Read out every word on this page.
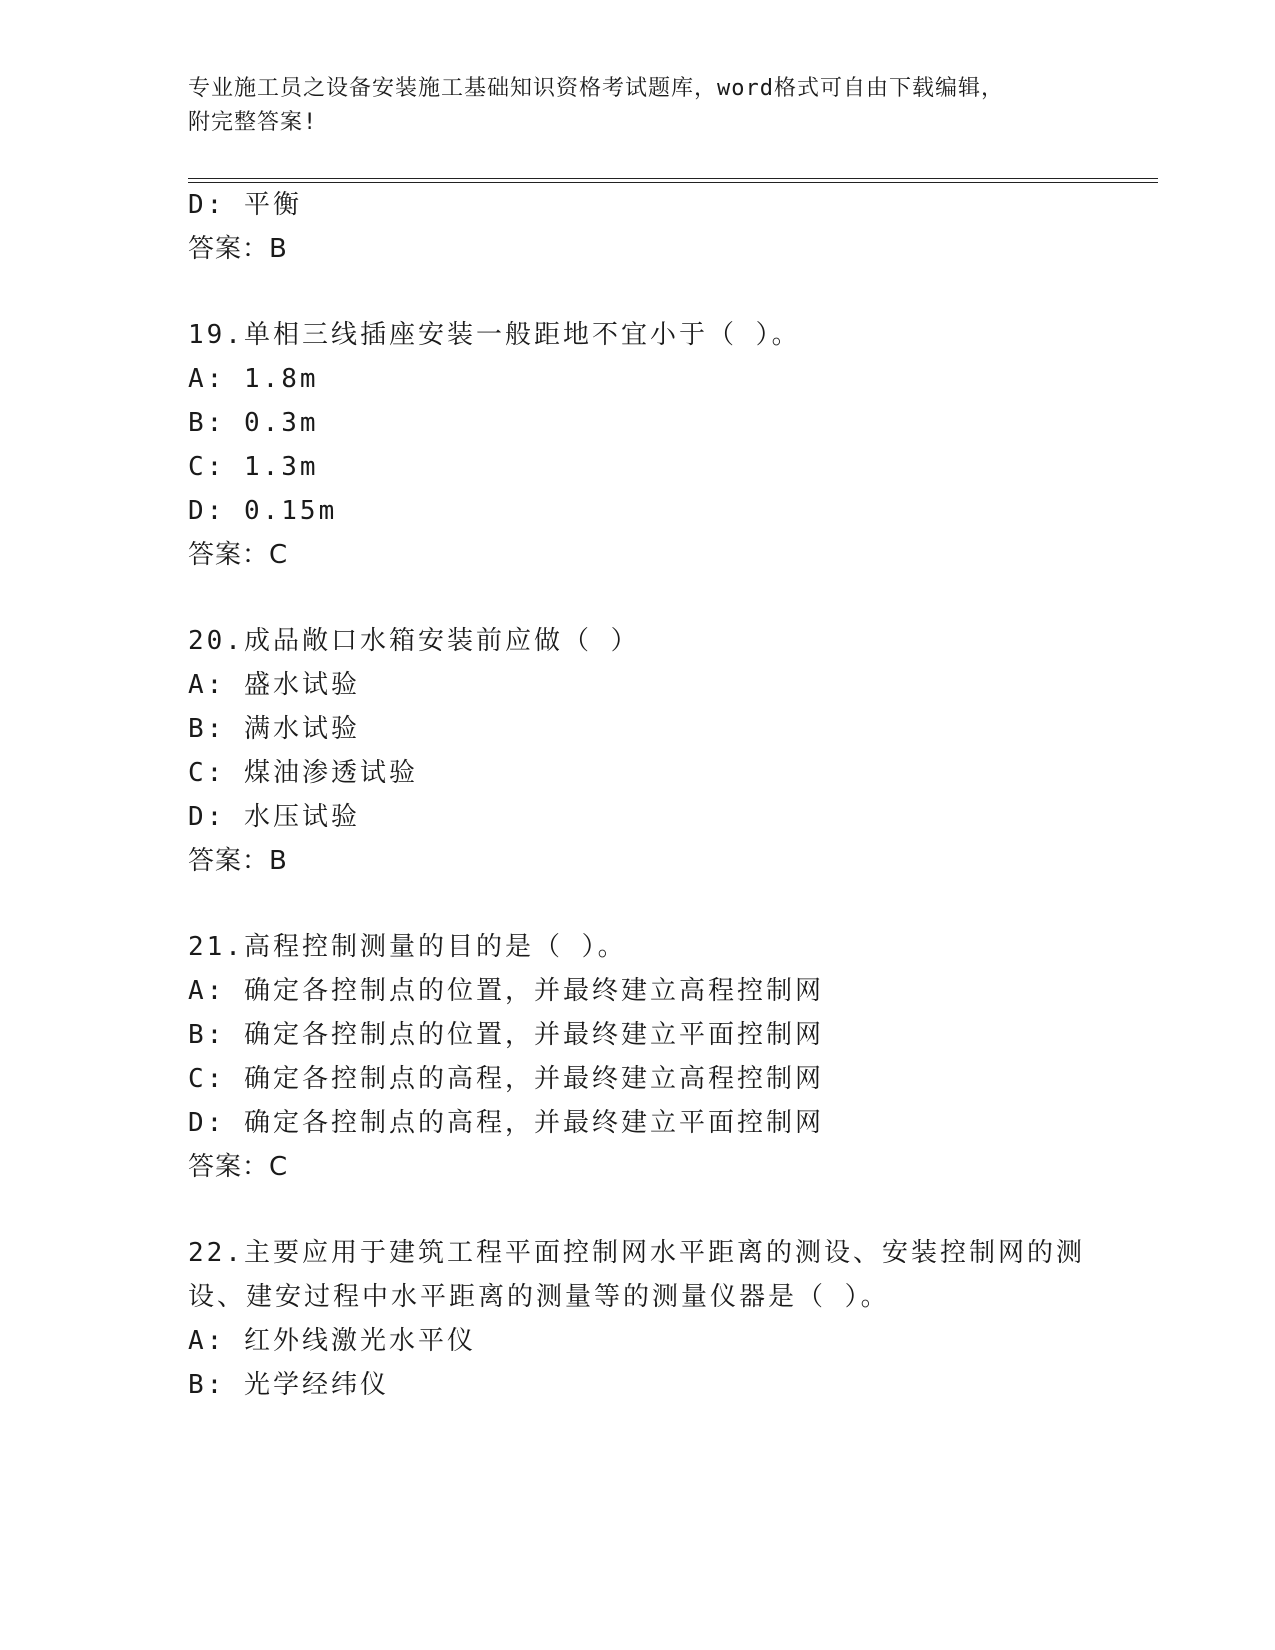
专业施工员之设备安装施工基础知识资格考试题库，word格式可自由下载编辑，
附完整答案!
D: 平衡
答案：B
19.单相三线插座安装一般距地不宜小于（ ）。
A: 1.8m
B: 0.3m
C: 1.3m
D: 0.15m
答案：C
20.成品敞口水箱安装前应做（ ）
A: 盛水试验
B: 满水试验
C: 煤油渗透试验
D: 水压试验
答案：B
21.高程控制测量的目的是（ ）。
A: 确定各控制点的位置，并最终建立高程控制网
B: 确定各控制点的位置，并最终建立平面控制网
C: 确定各控制点的高程，并最终建立高程控制网
D: 确定各控制点的高程，并最终建立平面控制网
答案：C
22.主要应用于建筑工程平面控制网水平距离的测设、安装控制网的测
设、建安过程中水平距离的测量等的测量仪器是（ ）。
A: 红外线激光水平仪
B: 光学经纬仪
